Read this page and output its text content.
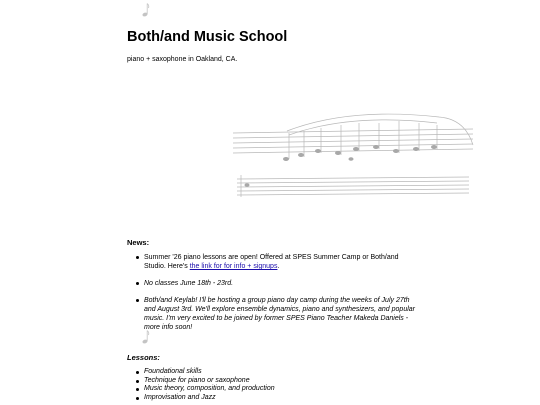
Both/and Music School
piano + saxophone in Oakland, CA.
News:
Summer '26 piano lessons are open! Offered at SPES Summer Camp or Both/and Studio. Here's the link for for info + signups.
No classes June 18th - 23rd.
Both/and Keylab! I'll be hosting a group piano day camp during the weeks of July 27th and August 3rd. We'll explore ensemble dynamics, piano and synthesizers, and popular music. I'm very excited to be joined by former SPES Piano Teacher Makeda Daniels - more info soon!
Lessons:
Foundational skills
Technique for piano or saxophone
Music theory, composition, and production
Improvisation and Jazz
